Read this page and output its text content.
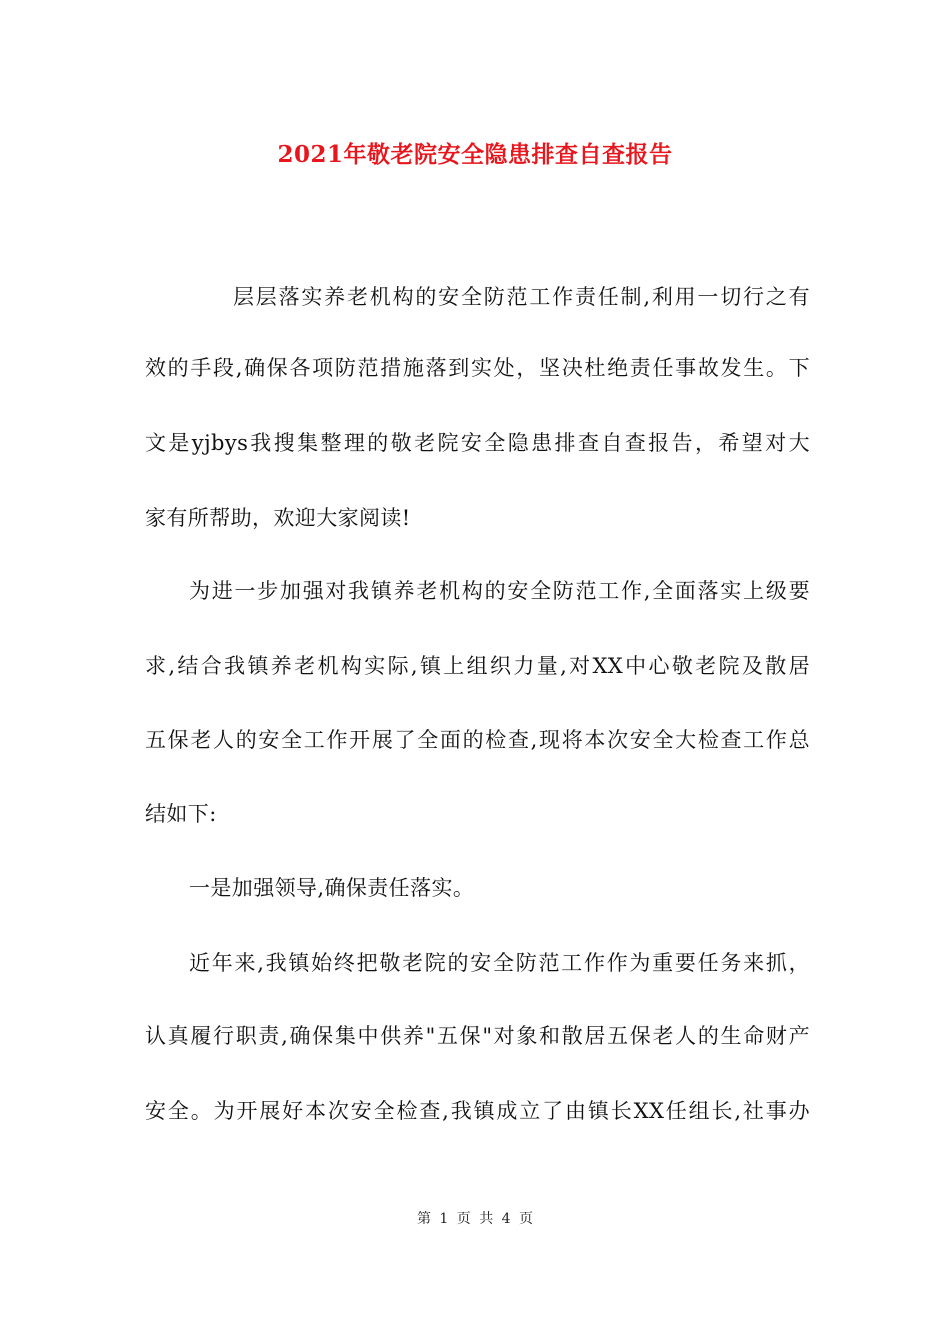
2021年敬老院安全隐患排查自查报告
层层落实养老机构的安全防范工作责任制,利用一切行之有
效的手段,确保各项防范措施落到实处，坚决杜绝责任事故发生。下
文是yjbys我搜集整理的敬老院安全隐患排查自查报告，希望对大
家有所帮助，欢迎大家阅读!
为进一步加强对我镇养老机构的安全防范工作,全面落实上级要
求,结合我镇养老机构实际,镇上组织力量,对XX中心敬老院及散居
五保老人的安全工作开展了全面的检查,现将本次安全大检查工作总
结如下:
一是加强领导,确保责任落实。
近年来,我镇始终把敬老院的安全防范工作作为重要任务来抓，
认真履行职责,确保集中供养"五保"对象和散居五保老人的生命财产
安全。为开展好本次安全检查,我镇成立了由镇长XX任组长,社事办
第 1 页 共 4 页
